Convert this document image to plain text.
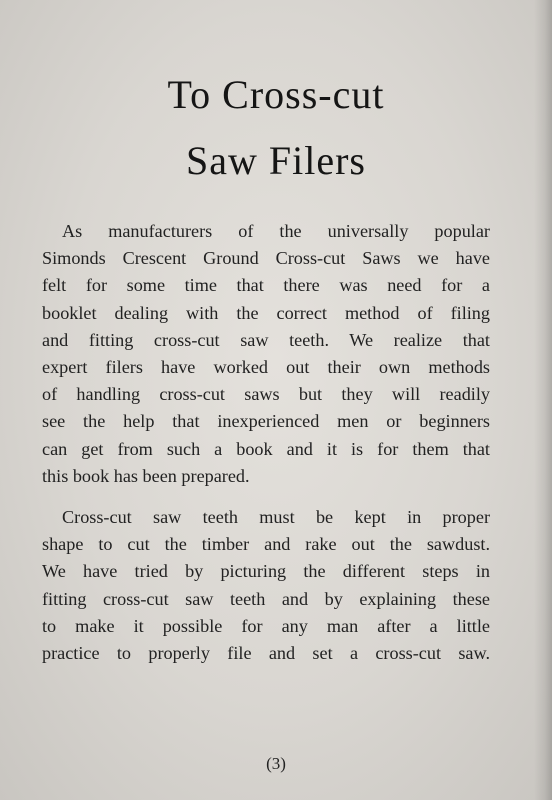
To Cross-cut
Saw Filers

As manufacturers of the universally popular
Simonds Crescent Ground Cross-cut Saws we have
felt for some time that there was need for a
booklet dealing with the correct method of filing
and fitting cross-cut saw teeth. We realize that
expert filers have worked out their own methods
of handling cross-cut saws but they will readily
see the help that inexperienced men or beginners
can get from such a book and it is for them that
this book has been prepared.

Cross-cut saw teeth must be kept in proper
shape to cut the timber and rake out the sawdust.
We have tried by picturing the different steps in
fitting cross-cut saw teeth and by explaining these
to make it possible for any man after a little
practice to properly file and set a cross-cut saw.

(3)
